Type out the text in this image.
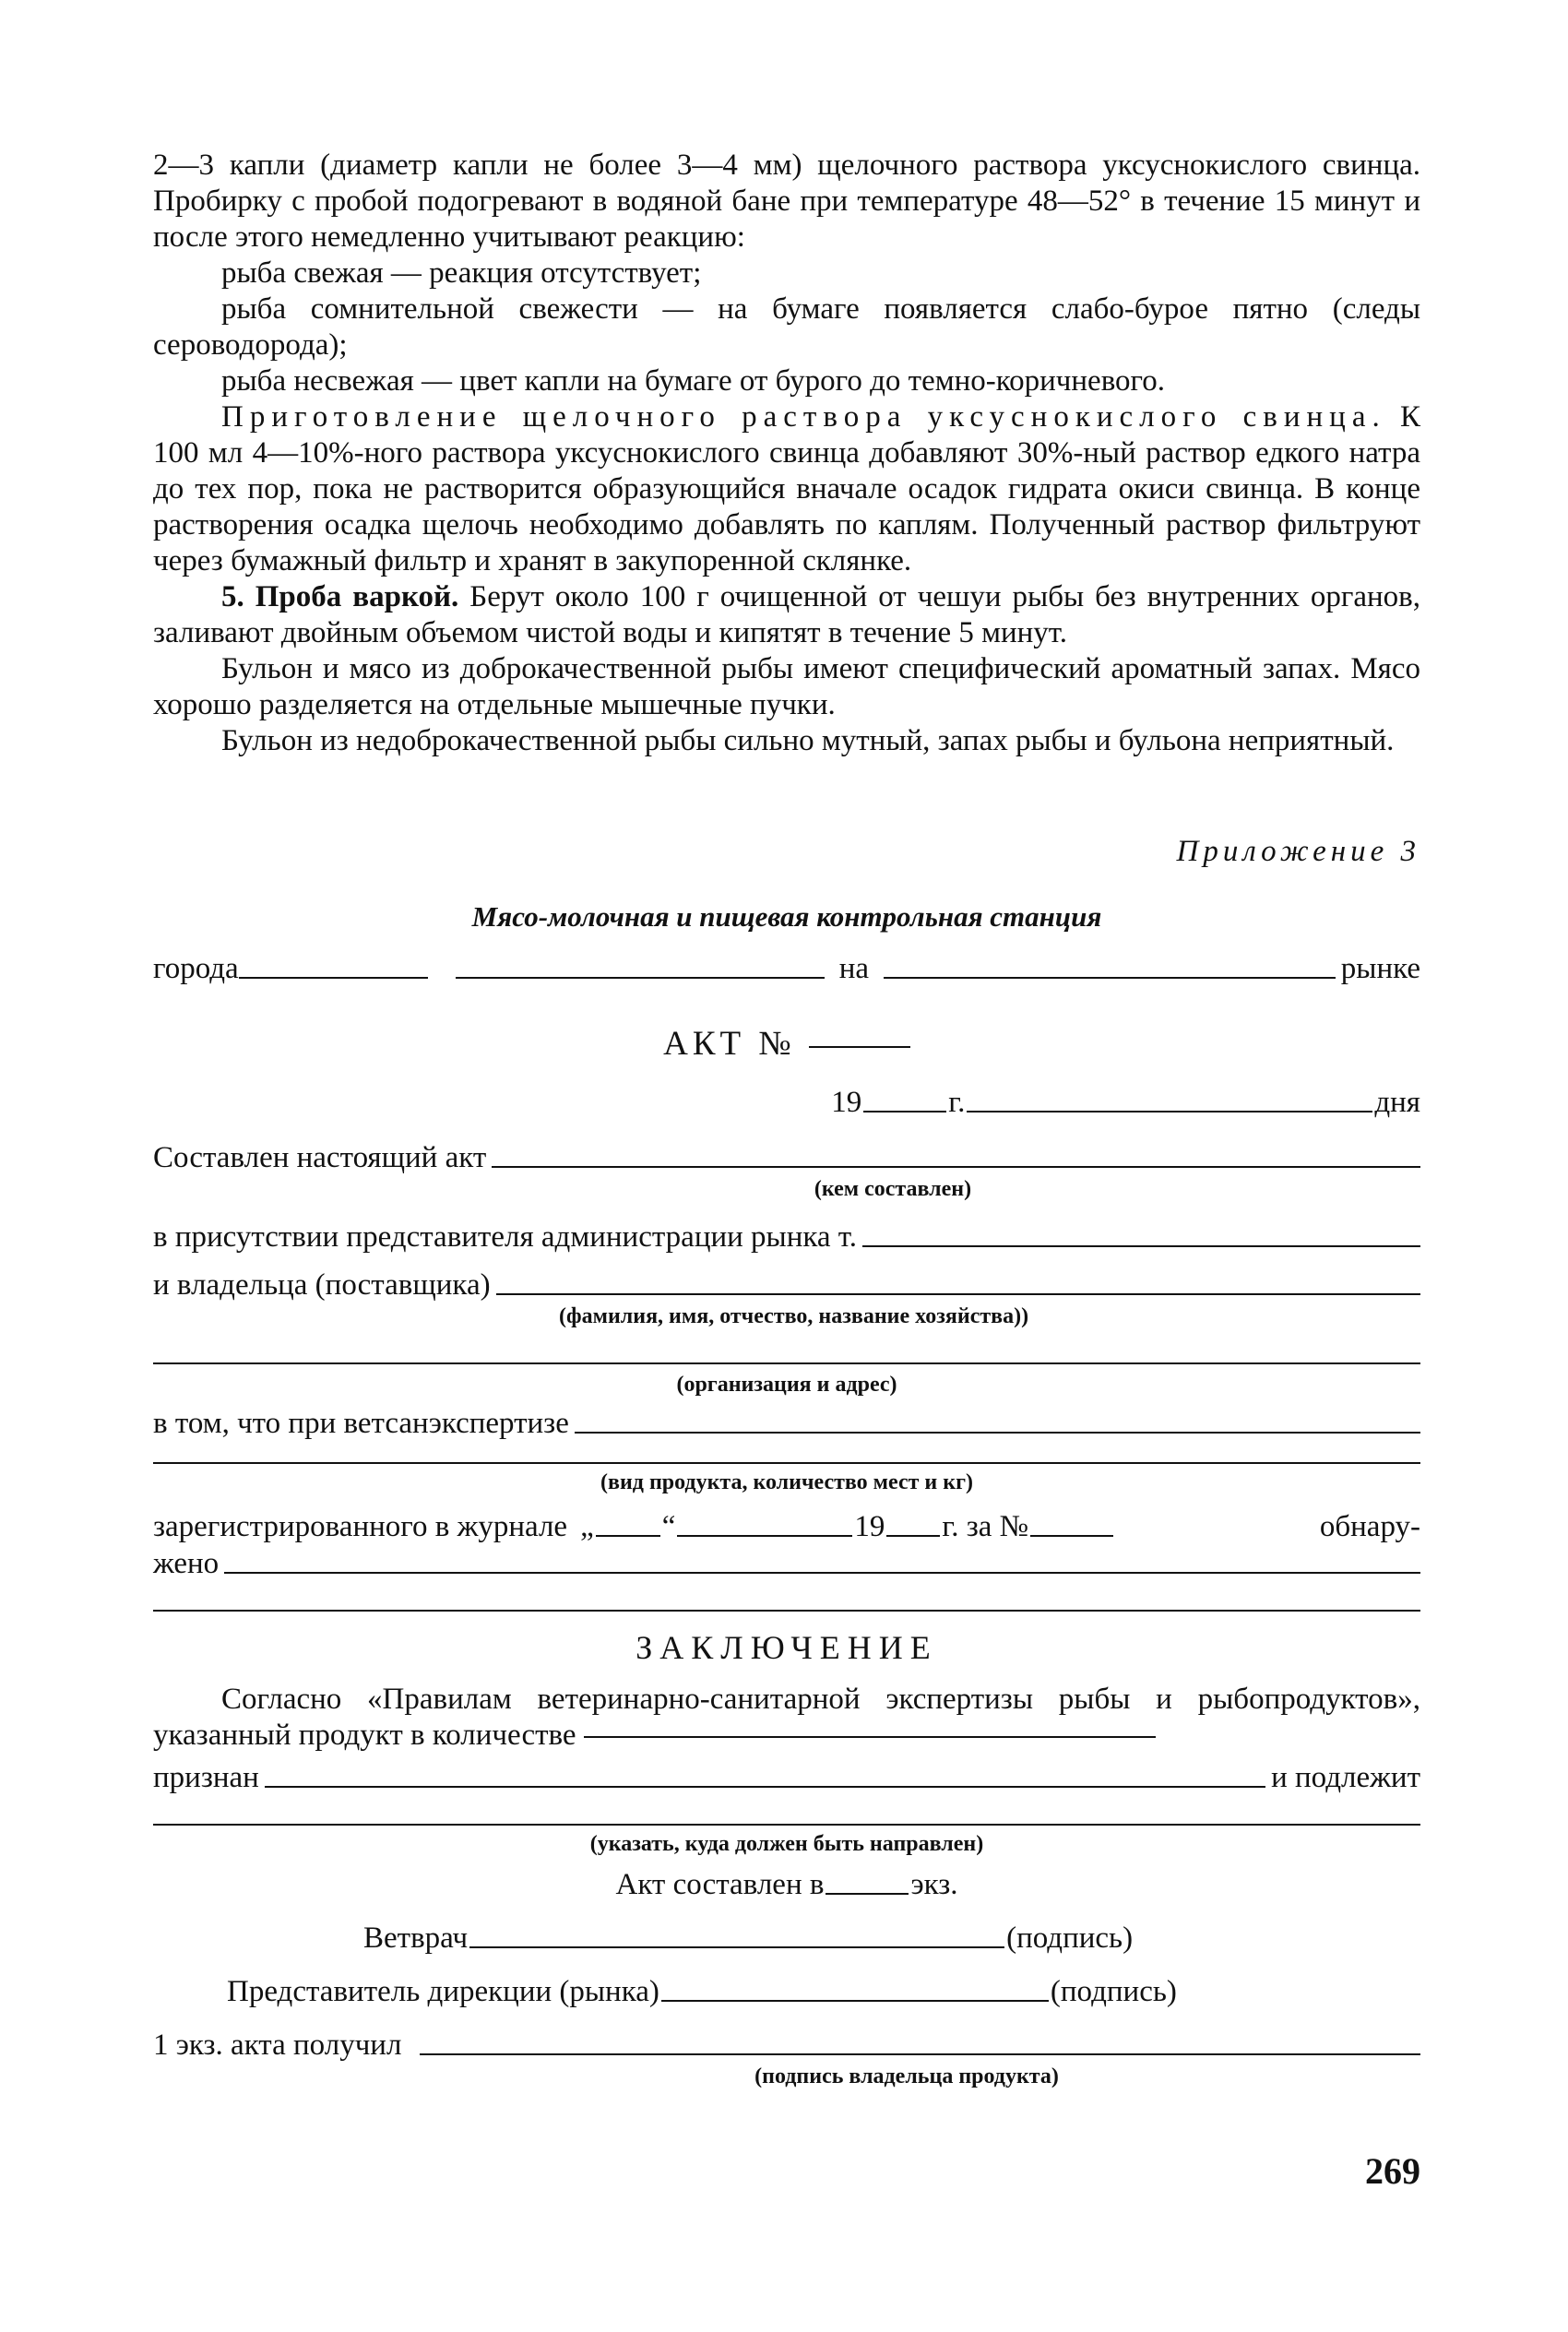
2—3 капли (диаметр капли не более 3—4 мм) щелочного раствора уксуснокислого свинца. Пробирку с пробой подогревают в водяной бане при температуре 48—52° в течение 15 минут и после этого немедленно учитывают реакцию:

рыба свежая — реакция отсутствует;

рыба сомнительной свежести — на бумаге появляется слабо-бурое пятно (следы сероводорода);

рыба несвежая — цвет капли на бумаге от бурого до темно-коричневого.

Приготовление щелочного раствора уксуснокислого свинца. К 100 мл 4—10%-ного раствора уксуснокислого свинца добавляют 30%-ный раствор едкого натра до тех пор, пока не растворится образующийся вначале осадок гидрата окиси свинца. В конце растворения осадка щелочь необходимо добавлять по каплям. Полученный раствор фильтруют через бумажный фильтр и хранят в закупоренной склянке.

5. Проба варкой. Берут около 100 г очищенной от чешуи рыбы без внутренних органов, заливают двойным объемом чистой воды и кипятят в течение 5 минут.

Бульон и мясо из доброкачественной рыбы имеют специфический ароматный запах. Мясо хорошо разделяется на отдельные мышечные пучки.

Бульон из недоброкачественной рыбы сильно мутный, запах рыбы и бульона неприятный.

Приложение 3
Мясо-молочная и пищевая контрольная станция
города	на	рынке
АКТ №
19	г.	дня
Составлен настоящий акт
(кем составлен)
в присутствии представителя администрации рынка т.
и владельца (поставщика)
(фамилия, имя, отчество, название хозяйства))
(организация и адрес)
в том, что при ветсанэкспертизе
(вид продукта, количество мест и кг)
зарегистрированного в журнале „ “	19 г. за №	обнару-
жено
ЗАКЛЮЧЕНИЕ

Согласно «Правилам ветеринарно-санитарной экспертизы рыбы и рыбопродуктов», указанный продукт в количестве

признан	и подлежит
(указать, куда должен быть направлен)
Акт составлен в	экз.
Ветврач	(подпись)
Представитель дирекции (рынка)	(подпись)
1 экз. акта получил
(подпись владельца продукта)
269
